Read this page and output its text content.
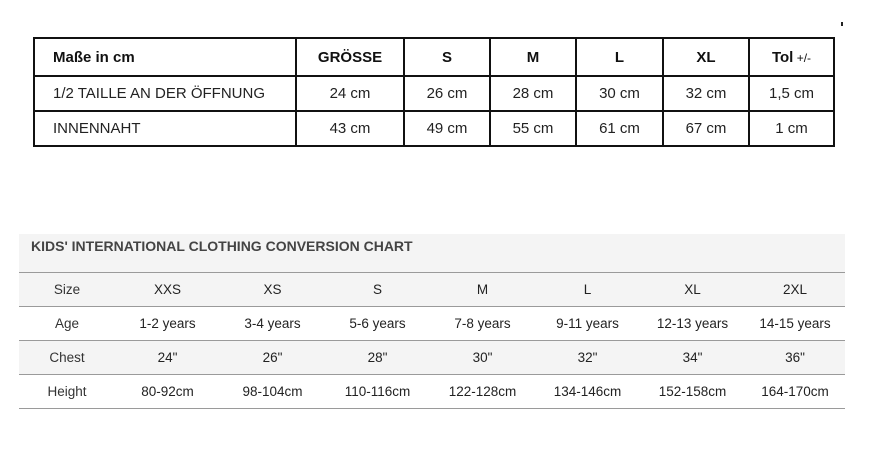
Maße in cm	GRÖSSE	S	M	L	XL	Tol +/-
1/2 TAILLE AN DER ÖFFNUNG	24 cm	26 cm	28 cm	30 cm	32 cm	1,5 cm
INNENNAHT	43 cm	49 cm	55 cm	61 cm	67 cm	1 cm
KIDS' INTERNATIONAL CLOTHING CONVERSION CHART
Size	XXS	XS	S	M	L	XL	2XL
Age	1-2 years	3-4 years	5-6 years	7-8 years	9-11 years	12-13 years	14-15 years
Chest	24"	26"	28"	30"	32"	34"	36"
Height	80-92cm	98-104cm	110-116cm	122-128cm	134-146cm	152-158cm	164-170cm
